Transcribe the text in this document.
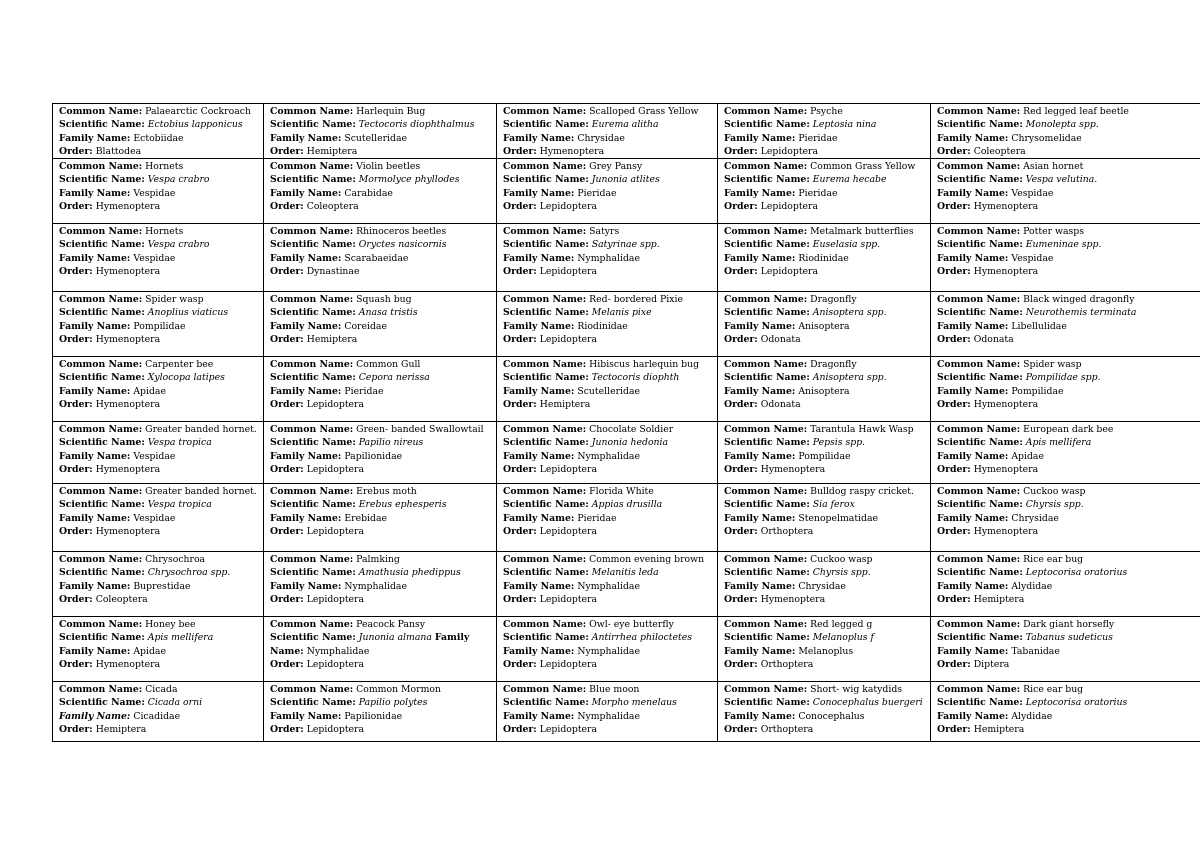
Common Name: Palaearctic Cockroach
Scientific Name: Ectobius lapponicus
Family Name: Ectobiidae
Order: Blattodea	Common Name: Harlequin Bug
Scientific Name: Tectocoris diophthalmus
Family Name: Scutelleridae
Order: Hemiptera	Common Name: Scalloped Grass Yellow
Scientific Name: Eurema alitha
Family Name: Chrysidae
Order: Hymenoptera	Common Name: Psyche
Scientific Name: Leptosia nina
Family Name: Pieridae
Order: Lepidoptera	Common Name: Red legged leaf beetle
Scientific Name: Monolepta spp.
Family Name: Chrysomelidae
Order: Coleoptera

Common Name: Hornets
Scientific Name: Vespa crabro
Family Name: Vespidae
Order: Hymenoptera	Common Name: Violin beetles
Scientific Name: Mormolyce phyllodes
Family Name: Carabidae
Order: Coleoptera	Common Name: Grey Pansy
Scientific Name: Junonia atlites
Family Name: Pieridae
Order: Lepidoptera	Common Name: Common Grass Yellow
Scientific Name: Eurema hecabe
Family Name: Pieridae
Order: Lepidoptera	Common Name: Asian hornet
Scientific Name: Vespa velutina.
Family Name: Vespidae
Order: Hymenoptera

Common Name: Hornets
Scientific Name: Vespa crabro
Family Name: Vespidae
Order: Hymenoptera	Common Name: Rhinoceros beetles
Scientific Name: Oryctes nasicornis
Family Name: Scarabaeidae
Order: Dynastinae	Common Name: Satyrs
Scientific Name: Satyrinae spp.
Family Name: Nymphalidae
Order: Lepidoptera	Common Name: Metalmark butterflies
Scientific Name: Euselasia spp.
Family Name: Riodinidae
Order: Lepidoptera	Common Name: Potter wasps
Scientific Name: Eumeninae spp.
Family Name: Vespidae
Order: Hymenoptera

Common Name: Spider wasp
Scientific Name: Anoplius viaticus
Family Name: Pompilidae
Order: Hymenoptera	Common Name: Squash bug
Scientific Name: Anasa tristis
Family Name: Coreidae
Order: Hemiptera	Common Name: Red- bordered Pixie
Scientific Name: Melanis pixe
Family Name: Riodinidae
Order: Lepidoptera	Common Name: Dragonfly
Scientific Name: Anisoptera spp.
Family Name: Anisoptera
Order: Odonata	Common Name: Black winged dragonfly
Scientific Name: Neurothemis terminata
Family Name: Libellulidae
Order: Odonata

Common Name: Carpenter bee
Scientific Name: Xylocopa latipes
Family Name: Apidae
Order: Hymenoptera	Common Name: Common Gull
Scientific Name: Cepora nerissa
Family Name: Pieridae
Order: Lepidoptera	Common Name: Hibiscus harlequin bug
Scientific Name: Tectocoris diophth
Family Name: Scutelleridae
Order: Hemiptera	Common Name: Dragonfly
Scientific Name: Anisoptera spp.
Family Name: Anisoptera
Order: Odonata	Common Name: Spider wasp
Scientific Name: Pompilidae spp.
Family Name: Pompilidae
Order: Hymenoptera

Common Name: Greater banded hornet.
Scientific Name: Vespa tropica
Family Name: Vespidae
Order: Hymenoptera	Common Name: Green- banded Swallowtail
Scientific Name: Papilio nireus
Family Name: Papilionidae
Order: Lepidoptera	Common Name: Chocolate Soldier
Scientific Name: Junonia hedonia
Family Name: Nymphalidae
Order: Lepidoptera	Common Name: Tarantula Hawk Wasp
Scientific Name: Pepsis spp.
Family Name: Pompilidae
Order: Hymenoptera	Common Name: European dark bee
Scientific Name: Apis mellifera
Family Name: Apidae
Order: Hymenoptera

Common Name: Greater banded hornet.
Scientific Name: Vespa tropica
Family Name: Vespidae
Order: Hymenoptera	Common Name: Erebus moth
Scientific Name: Erebus ephesperis
Family Name: Erebidae
Order: Lepidoptera	Common Name: Florida White
Scientific Name: Appias drusilla
Family Name: Pieridae
Order: Lepidoptera	Common Name: Bulldog raspy cricket.
Scientific Name: Sia ferox
Family Name: Stenopelmatidae
Order: Orthoptera	Common Name: Cuckoo wasp
Scientific Name: Chyrsis spp.
Family Name: Chrysidae
Order: Hymenoptera

Common Name: Chrysochroa
Scientific Name: Chrysochroa spp.
Family Name: Buprestidae
Order: Coleoptera	Common Name: Palmking
Scientific Name: Amathusia phedippus
Family Name: Nymphalidae
Order: Lepidoptera	Common Name: Common evening brown
Scientific Name: Melanitis leda
Family Name: Nymphalidae
Order: Lepidoptera	Common Name: Cuckoo wasp
Scientific Name: Chyrsis spp.
Family Name: Chrysidae
Order: Hymenoptera	Common Name: Rice ear bug
Scientific Name: Leptocorisa oratorius
Family Name: Alydidae
Order: Hemiptera

Common Name: Honey bee
Scientific Name: Apis mellifera
Family Name: Apidae
Order: Hymenoptera	Common Name: Peacock Pansy
Scientific Name: Junonia almana Family
Name: Nymphalidae
Order: Lepidoptera	Common Name: Owl- eye butterfly
Scientific Name: Antirrhea philoctetes
Family Name: Nymphalidae
Order: Lepidoptera	Common Name: Red legged g
Scientific Name: Melanoplus f
Family Name: Melanoplus
Order: Orthoptera	Common Name: Dark giant horsefly
Scientific Name: Tabanus sudeticus
Family Name: Tabanidae
Order: Diptera

Common Name: Cicada
Scientific Name: Cicada orni
Family Name: Cicadidae
Order: Hemiptera	Common Name: Common Mormon
Scientific Name: Papilio polytes
Family Name: Papilionidae
Order: Lepidoptera	Common Name: Blue moon
Scientific Name: Morpho menelaus
Family Name: Nymphalidae
Order: Lepidoptera	Common Name: Short- wig katydids
Scientific Name: Conocephalus buergeri
Family Name: Conocephalus
Order: Orthoptera	Common Name: Rice ear bug
Scientific Name: Leptocorisa oratorius
Family Name: Alydidae
Order: Hemiptera
